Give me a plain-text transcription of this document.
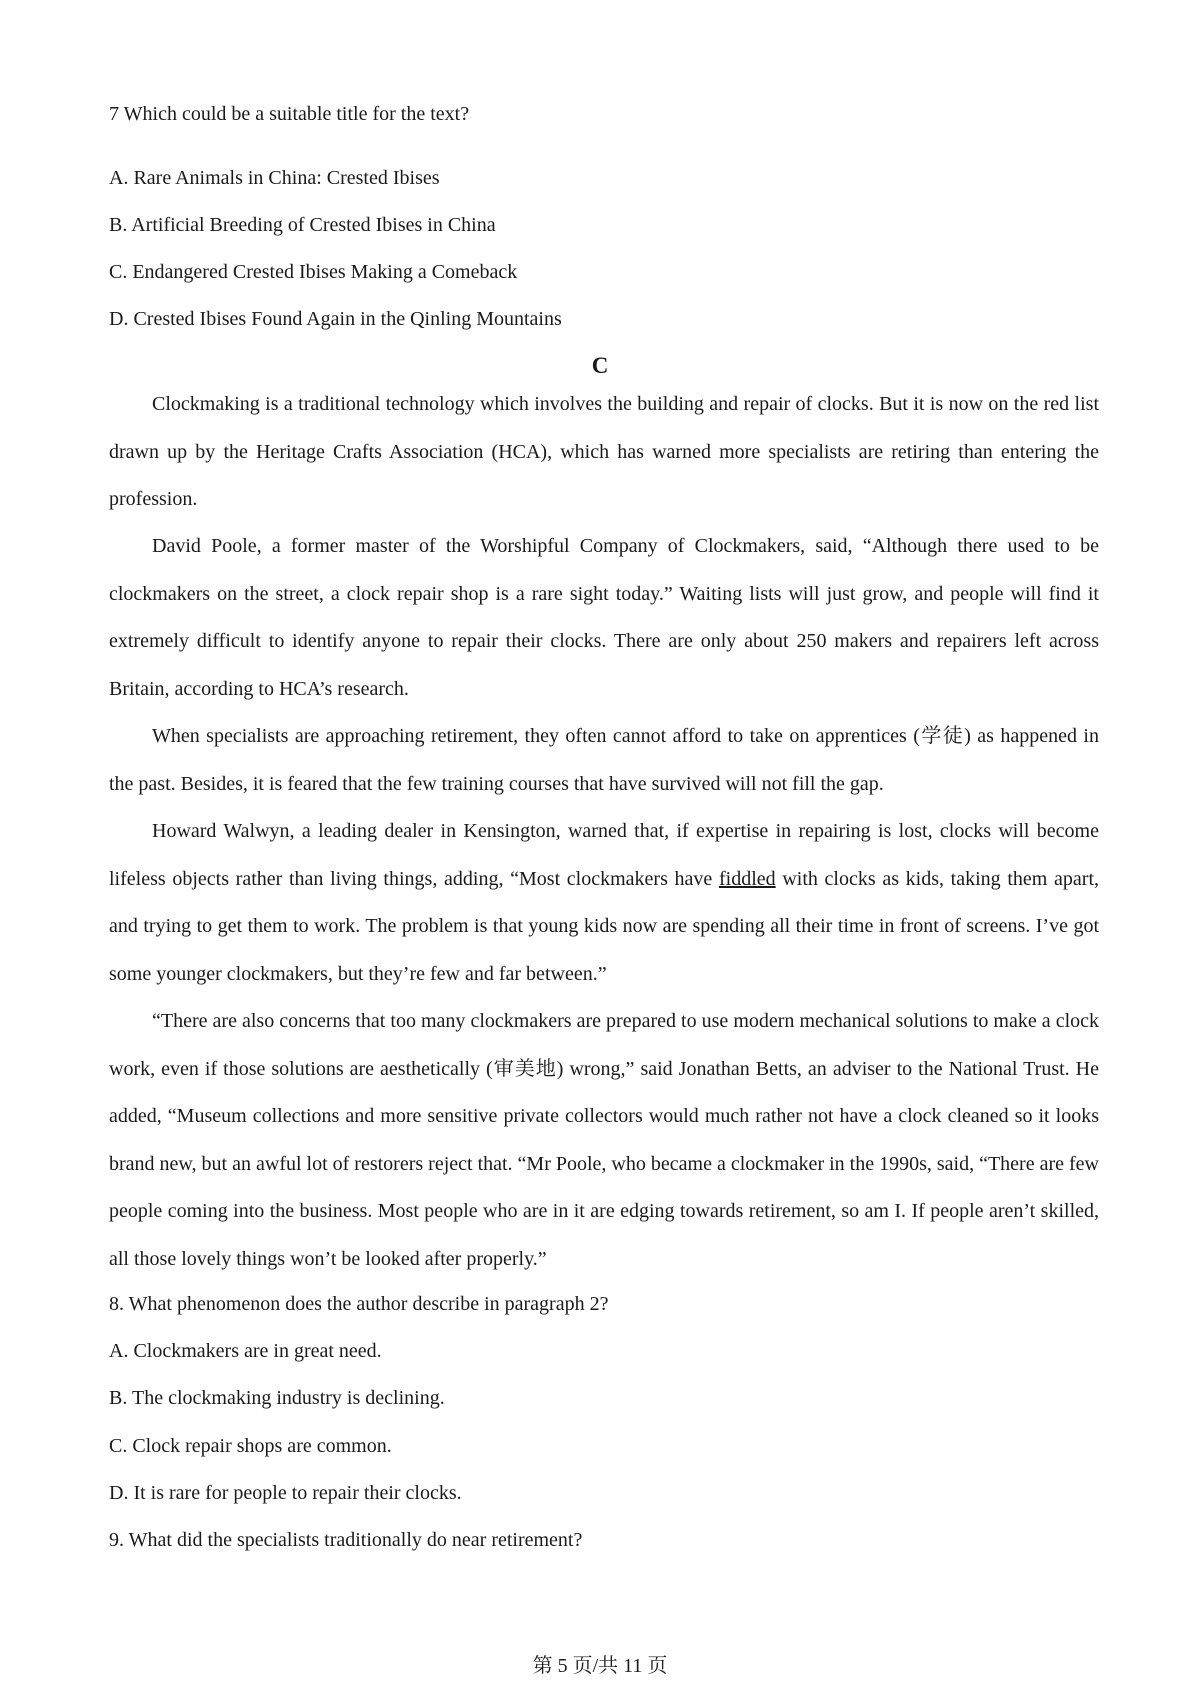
7 Which could be a suitable title for the text?
A. Rare Animals in China: Crested Ibises
B. Artificial Breeding of Crested Ibises in China
C. Endangered Crested Ibises Making a Comeback
D. Crested Ibises Found Again in the Qinling Mountains
C

Clockmaking is a traditional technology which involves the building and repair of clocks. But it is now on the red list drawn up by the Heritage Crafts Association (HCA), which has warned more specialists are retiring than entering the profession.

David Poole, a former master of the Worshipful Company of Clockmakers, said, “Although there used to be clockmakers on the street, a clock repair shop is a rare sight today.” Waiting lists will just grow, and people will find it extremely difficult to identify anyone to repair their clocks. There are only about 250 makers and repairers left across Britain, according to HCA’s research.

When specialists are approaching retirement, they often cannot afford to take on apprentices (学徒) as happened in the past. Besides, it is feared that the few training courses that have survived will not fill the gap.

Howard Walwyn, a leading dealer in Kensington, warned that, if expertise in repairing is lost, clocks will become lifeless objects rather than living things, adding, “Most clockmakers have fiddled with clocks as kids, taking them apart, and trying to get them to work. The problem is that young kids now are spending all their time in front of screens. I’ve got some younger clockmakers, but they’re few and far between.”

“There are also concerns that too many clockmakers are prepared to use modern mechanical solutions to make a clock work, even if those solutions are aesthetically (审美地) wrong,” said Jonathan Betts, an adviser to the National Trust. He added, “Museum collections and more sensitive private collectors would much rather not have a clock cleaned so it looks brand new, but an awful lot of restorers reject that. “Mr Poole, who became a clockmaker in the 1990s, said, “There are few people coming into the business. Most people who are in it are edging towards retirement, so am I. If people aren’t skilled, all those lovely things won’t be looked after properly.”

8. What phenomenon does the author describe in paragraph 2?
A. Clockmakers are in great need.
B. The clockmaking industry is declining.
C. Clock repair shops are common.
D. It is rare for people to repair their clocks.
9. What did the specialists traditionally do near retirement?
第 5 页/共 11 页
